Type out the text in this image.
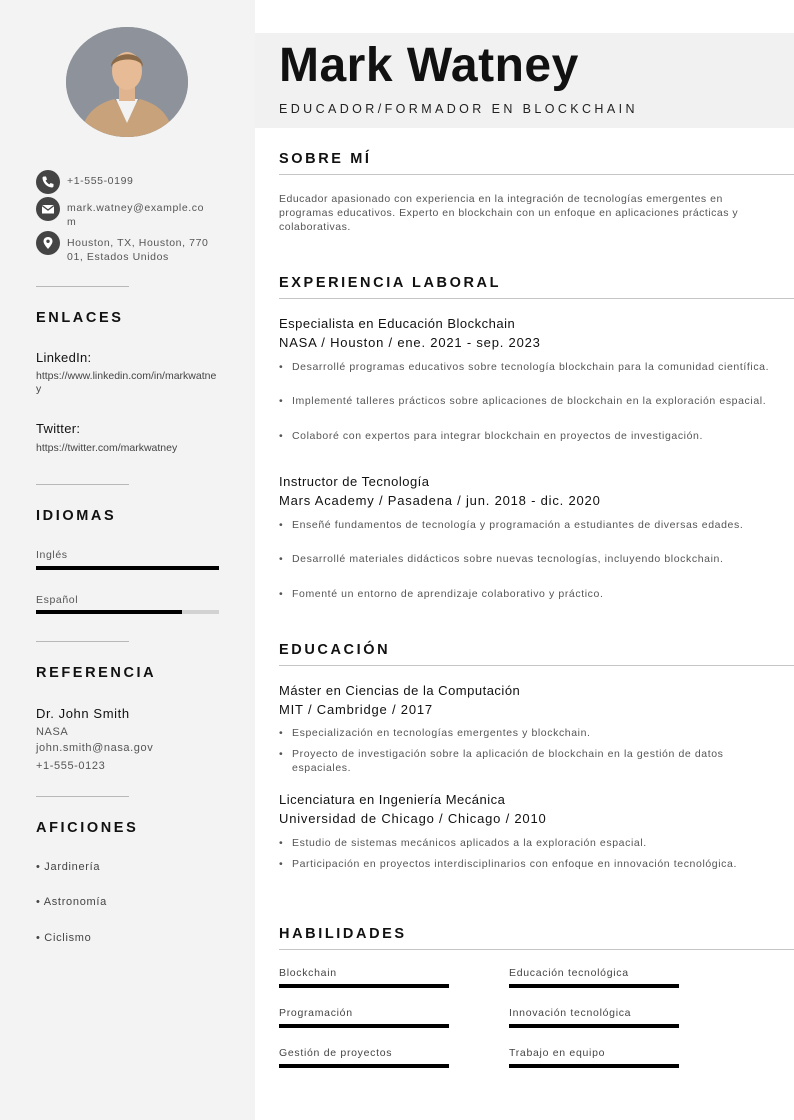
+1-555-0199
mark.watney@example.com
Houston, TX, Houston, 77001, Estados Unidos
ENLACES
LinkedIn:
https://www.linkedin.com/in/markwatney
Twitter:
https://twitter.com/markwatney
IDIOMAS
Inglés
Español
REFERENCIA
Dr. John Smith
NASA
john.smith@nasa.gov
+1-555-0123
AFICIONES
• Jardinería
• Astronomía
• Ciclismo
Mark Watney
EDUCADOR/FORMADOR EN BLOCKCHAIN
SOBRE MÍ
Educador apasionado con experiencia en la integración de tecnologías emergentes en programas educativos. Experto en blockchain con un enfoque en aplicaciones prácticas y colaborativas.
EXPERIENCIA LABORAL
Especialista en Educación Blockchain
NASA / Houston / ene. 2021 - sep. 2023
• Desarrollé programas educativos sobre tecnología blockchain para la comunidad científica.
• Implementé talleres prácticos sobre aplicaciones de blockchain en la exploración espacial.
• Colaboré con expertos para integrar blockchain en proyectos de investigación.
Instructor de Tecnología
Mars Academy / Pasadena / jun. 2018 - dic. 2020
• Enseñé fundamentos de tecnología y programación a estudiantes de diversas edades.
• Desarrollé materiales didácticos sobre nuevas tecnologías, incluyendo blockchain.
• Fomenté un entorno de aprendizaje colaborativo y práctico.
EDUCACIÓN
Máster en Ciencias de la Computación
MIT / Cambridge / 2017
• Especialización en tecnologías emergentes y blockchain.
• Proyecto de investigación sobre la aplicación de blockchain en la gestión de datos espaciales.
Licenciatura en Ingeniería Mecánica
Universidad de Chicago / Chicago / 2010
• Estudio de sistemas mecánicos aplicados a la exploración espacial.
• Participación en proyectos interdisciplinarios con enfoque en innovación tecnológica.
HABILIDADES
Blockchain	Educación tecnológica
Programación	Innovación tecnológica
Gestión de proyectos	Trabajo en equipo
